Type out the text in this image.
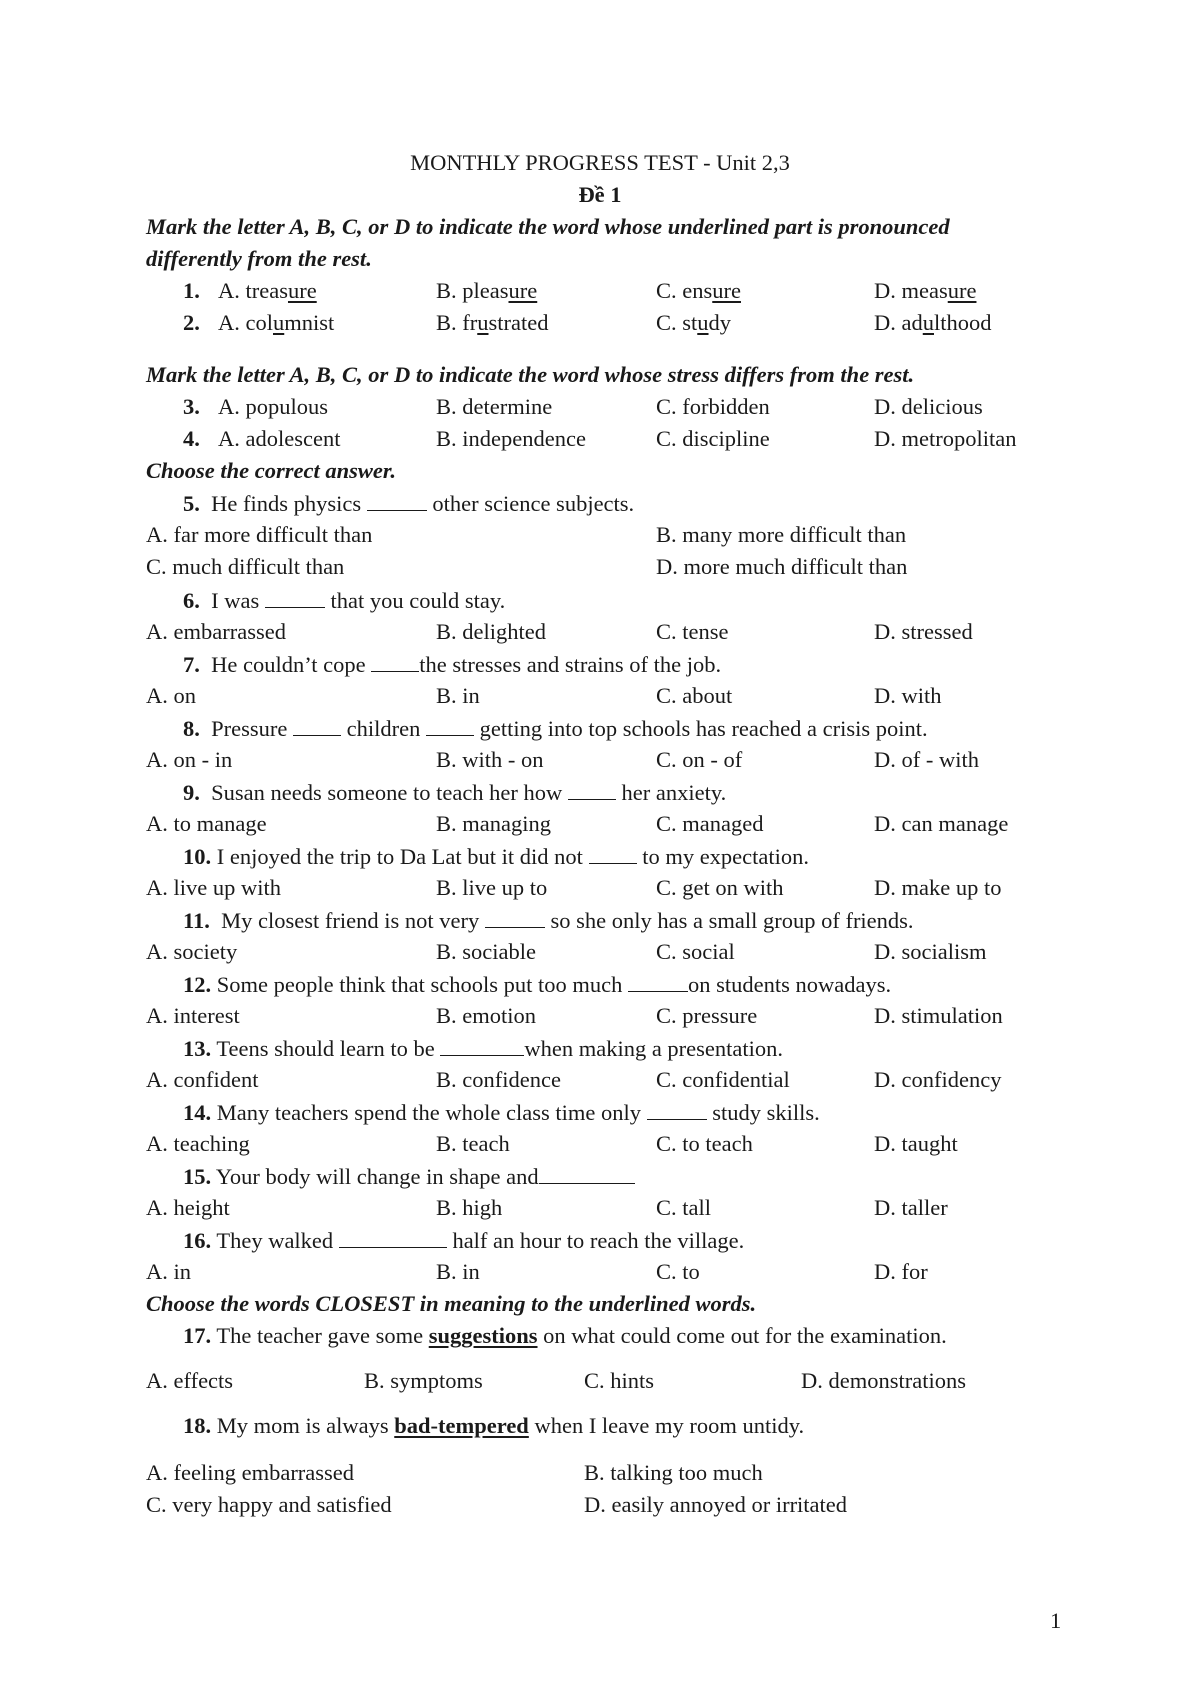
MONTHLY PROGRESS TEST - Unit 2,3
Đề 1
Mark the letter A, B, C, or D to indicate the word whose underlined part is pronounced
differently from the rest.
1. A. treasure	B. pleasure	C. ensure	D. measure
2. A. columnist	B. frustrated	C. study	D. adulthood
Mark the letter A, B, C, or D to indicate the word whose stress differs from the rest.
3. A. populous	B. determine	C. forbidden	D. delicious
4. A. adolescent	B. independence	C. discipline	D. metropolitan
Choose the correct answer.
5. He finds physics	other science subjects.
A. far more difficult than	B. many more difficult than
C. much difficult than	D. more much difficult than
6. I was	that you could stay.
A. embarrassed	B. delighted	C. tense	D. stressed
7. He couldn’t cope the stresses and strains of the job.
A. on	B. in	C. about	D. with
8. Pressure	children	getting into top schools has reached a crisis point.
A. on - in	B. with - on	C. on - of	D. of - with
9. Susan needs someone to teach her how	her anxiety.
A. to manage	B. managing	C. managed	D. can manage
10. I enjoyed the trip to Da Lat but it did not	to my expectation.
A. live up with	B. live up to	C. get on with	D. make up to
11. My closest friend is not very	so she only has a small group of friends.
A. society	B. sociable	C. social	D. socialism
12. Some people think that schools put too much	on students nowadays.
A. interest	B. emotion	C. pressure	D. stimulation
13. Teens should learn to be	when making a presentation.
A. confident	B. confidence	C. confidential	D. confidency
14. Many teachers spend the whole class time only	study skills.
A. teaching	B. teach	C. to teach	D. taught
15. Your body will change in shape and
A. height	B. high	C. tall	D. taller
16. They walked	half an hour to reach the village.
A. in	B. in	C. to	D. for
Choose the words CLOSEST in meaning to the underlined words.
17. The teacher gave some suggestions on what could come out for the examination.
A. effects	B. symptoms	C. hints	D. demonstrations
18. My mom is always bad-tempered when I leave my room untidy.
A. feeling embarrassed	B. talking too much
C. very happy and satisfied	D. easily annoyed or irritated
1
